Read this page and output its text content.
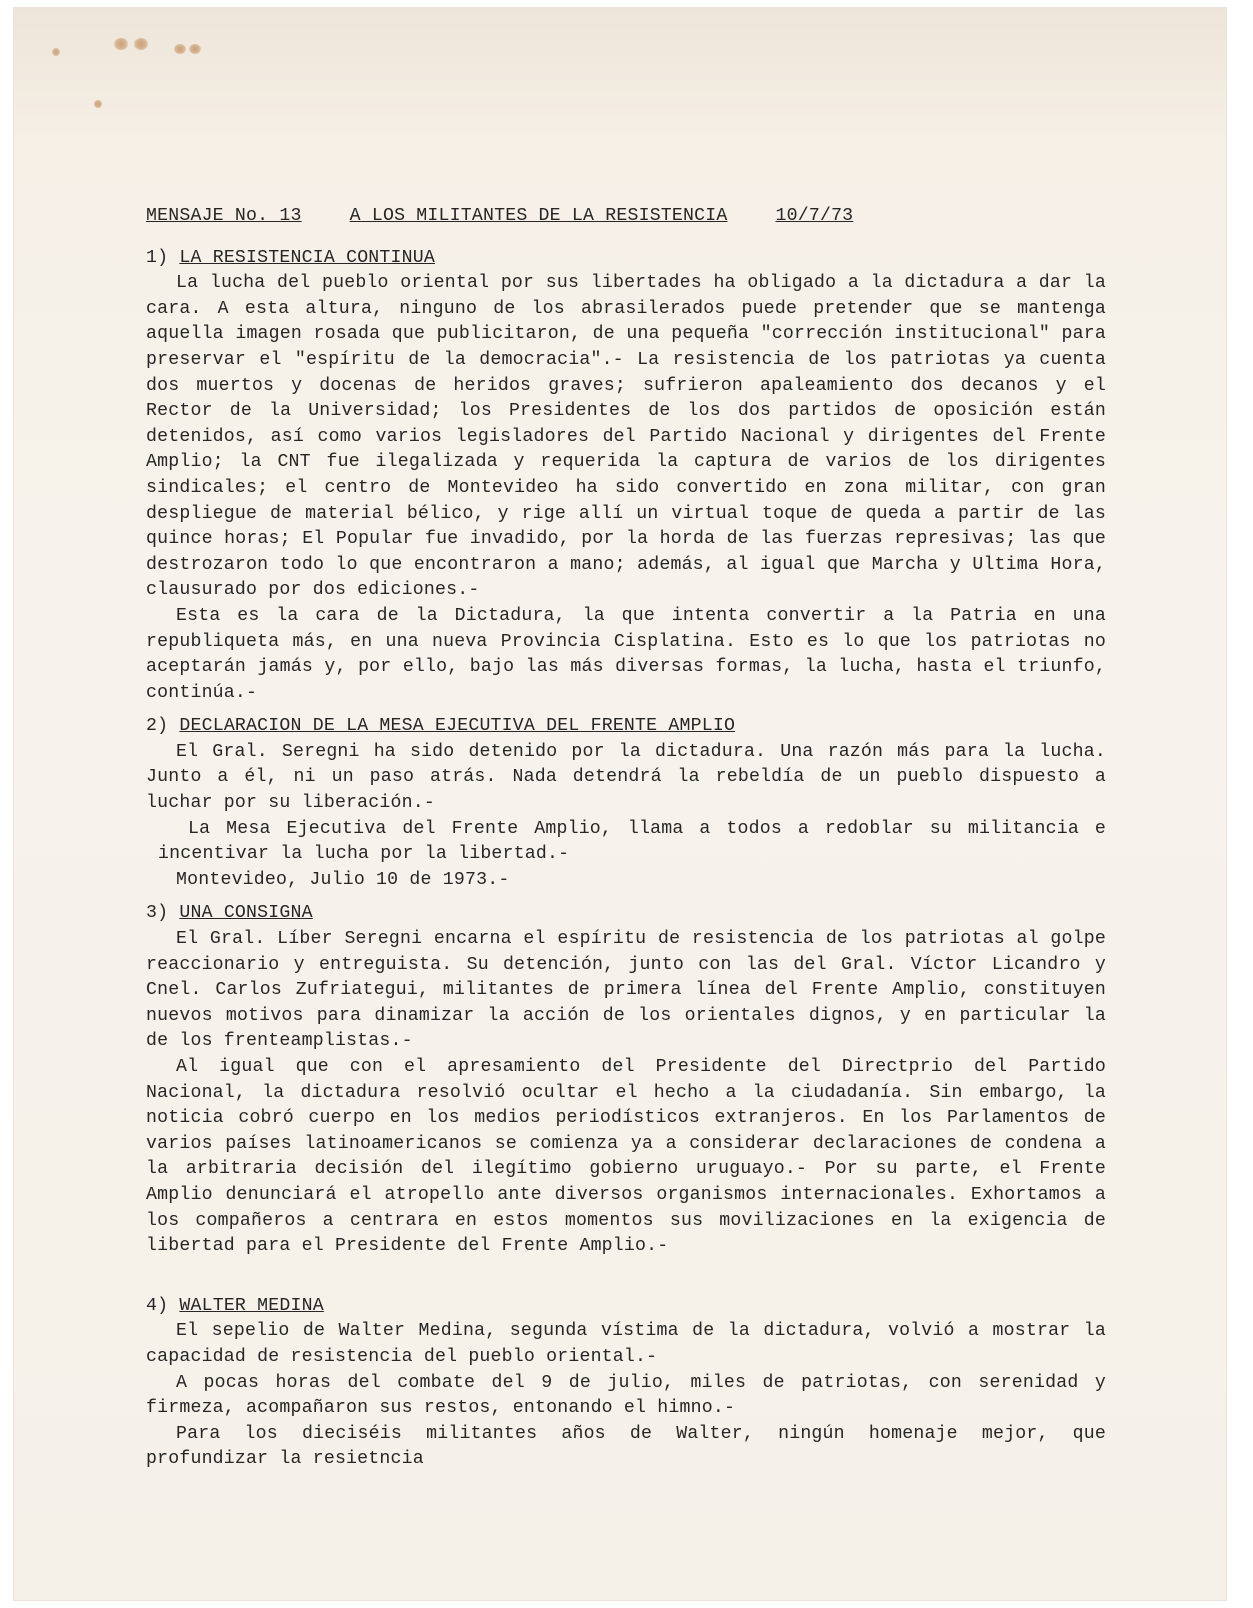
MENSAJE No. 13	A LOS MILITANTES DE LA RESISTENCIA	10/7/73
1) LA RESISTENCIA CONTINUA
La lucha del pueblo oriental por sus libertades ha obligado a la dictadura a dar la cara. A esta altura, ninguno de los abrasilerados puede pretender que se mantenga aquella imagen rosada que publicitaron, de una pequeña "corrección institucional" para preservar el "espíritu de la democracia".- La resistencia de los patriotas ya cuenta dos muertos y docenas de heridos graves; sufrieron apaleamiento dos decanos y el Rector de la Universidad; los Presidentes de los dos partidos de oposición están detenidos, así como varios legisladores del Partido Nacional y dirigentes del Frente Amplio; la CNT fue ilegalizada y requerida la captura de varios de los dirigentes sindicales; el centro de Montevideo ha sido convertido en zona militar, con gran despliegue de material bélico, y rige allí un virtual toque de queda a partir de las quince horas; El Popular fue invadido, por la horda de las fuerzas represivas; las que destrozaron todo lo que encontraron a mano; además, al igual que Marcha y Ultima Hora, clausurado por dos ediciones.-
Esta es la cara de la Dictadura, la que intenta convertir a la Patria en una republiqueta más, en una nueva Provincia Cisplatina. Esto es lo que los patriotas no aceptarán jamás y, por ello, bajo las más diversas formas, la lucha, hasta el triunfo, continúa.-
2) DECLARACION DE LA MESA EJECUTIVA DEL FRENTE AMPLIO
El Gral. Seregni ha sido detenido por la dictadura. Una razón más para la lucha. Junto a él, ni un paso atrás. Nada detendrá la rebeldía de un pueblo dispuesto a luchar por su liberación.-
La Mesa Ejecutiva del Frente Amplio, llama a todos a redoblar su militancia e incentivar la lucha por la libertad.-
Montevideo, Julio 10 de 1973.-
3) UNA CONSIGNA
El Gral. Líber Seregni encarna el espíritu de resistencia de los patriotas al golpe reaccionario y entreguista. Su detención, junto con las del Gral. Víctor Licandro y Cnel. Carlos Zufriategui, militantes de primera línea del Frente Amplio, constituyen nuevos motivos para dinamizar la acción de los orientales dignos, y en particular la de los frenteamplistas.-
Al igual que con el apresamiento del Presidente del Directprio del Partido Nacional, la dictadura resolvió ocultar el hecho a la ciudadanía. Sin embargo, la noticia cobró cuerpo en los medios periodísticos extranjeros. En los Parlamentos de varios países latinoamericanos se comienza ya a considerar declaraciones de condena a la arbitraria decisión del ilegítimo gobierno uruguayo.- Por su parte, el Frente Amplio denunciará el atropello ante diversos organismos internacionales. Exhortamos a los compañeros a centrara en estos momentos sus movilizaciones en la exigencia de libertad para el Presidente del Frente Amplio.-
4) WALTER MEDINA
El sepelio de Walter Medina, segunda vístima de la dictadura, volvió a mostrar la capacidad de resistencia del pueblo oriental.-
A pocas horas del combate del 9 de julio, miles de patriotas, con serenidad y firmeza, acompañaron sus restos, entonando el himno.-
Para los dieciséis militantes años de Walter, ningún homenaje mejor, que profundizar la resietncia
